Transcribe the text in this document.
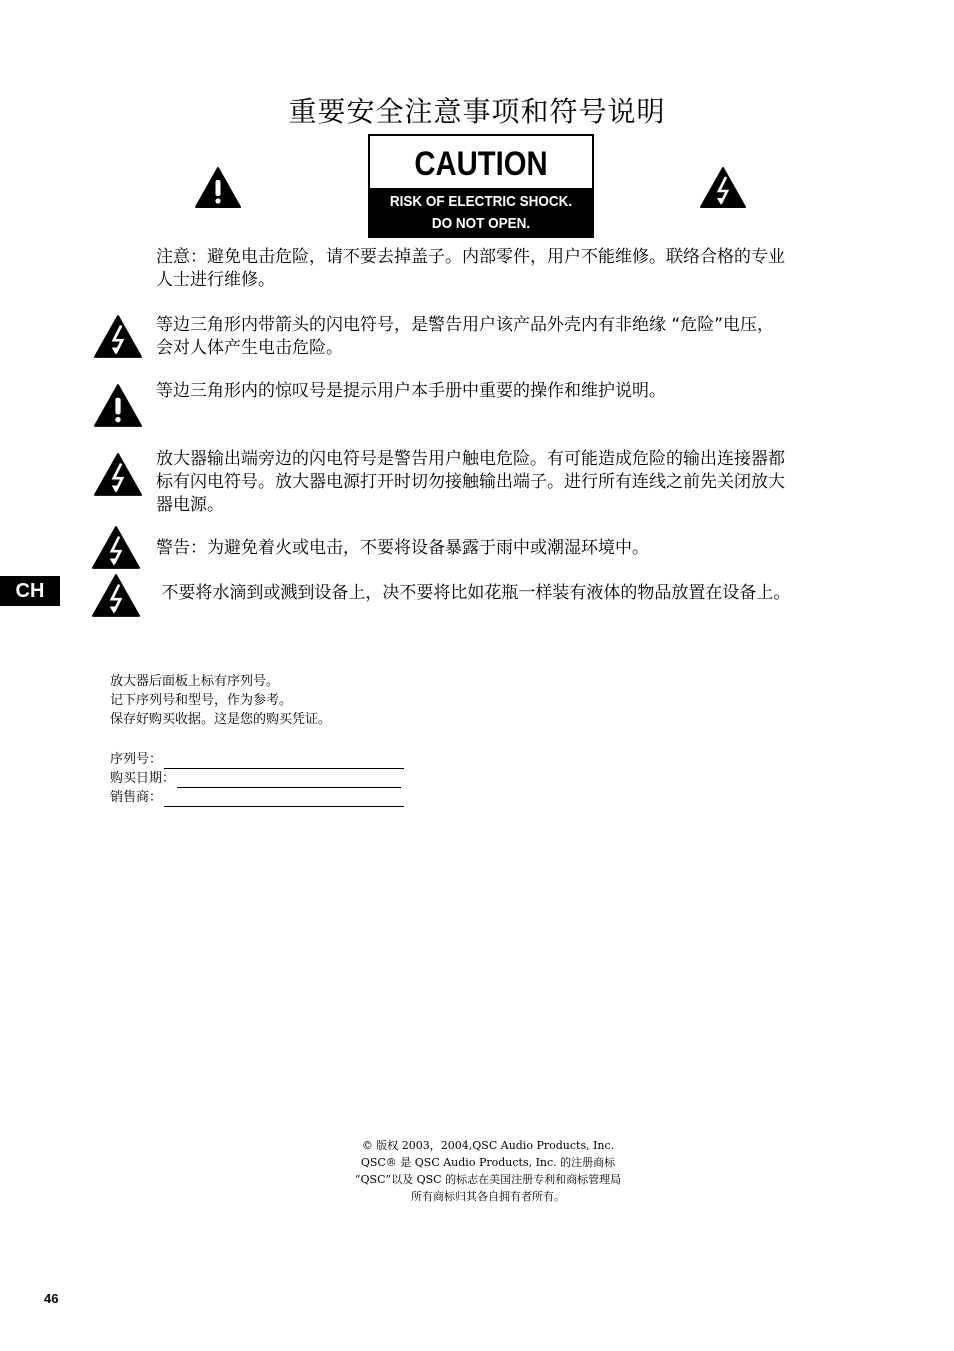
重要安全注意事项和符号说明
CAUTION
RISK OF ELECTRIC SHOCK.
DO NOT OPEN.
注意：避免电击危险，请不要去掉盖子。内部零件，用户不能维修。联络合格的专业
人士进行维修。
等边三角形内带箭头的闪电符号，是警告用户该产品外壳内有非绝缘 “危险”电压，
会对人体产生电击危险。
等边三角形内的惊叹号是提示用户本手册中重要的操作和维护说明。
放大器输出端旁边的闪电符号是警告用户触电危险。有可能造成危险的输出连接器都
标有闪电符号。放大器电源打开时切勿接触输出端子。进行所有连线之前先关闭放大
器电源。
警告：为避免着火或电击，不要将设备暴露于雨中或潮湿环境中。
CH	不要将水滴到或溅到设备上，决不要将比如花瓶一样装有液体的物品放置在设备上。
放大器后面板上标有序列号。
记下序列号和型号，作为参考。
保存好购买收据。这是您的购买凭证。
序列号：
购买日期：
销售商：
© 版权 2003，2004,QSC Audio Products, Inc.
QSC® 是 QSC Audio Products, Inc. 的注册商标
“QSC”以及 QSC 的标志在美国注册专利和商标管理局
所有商标归其各自拥有者所有。
46
